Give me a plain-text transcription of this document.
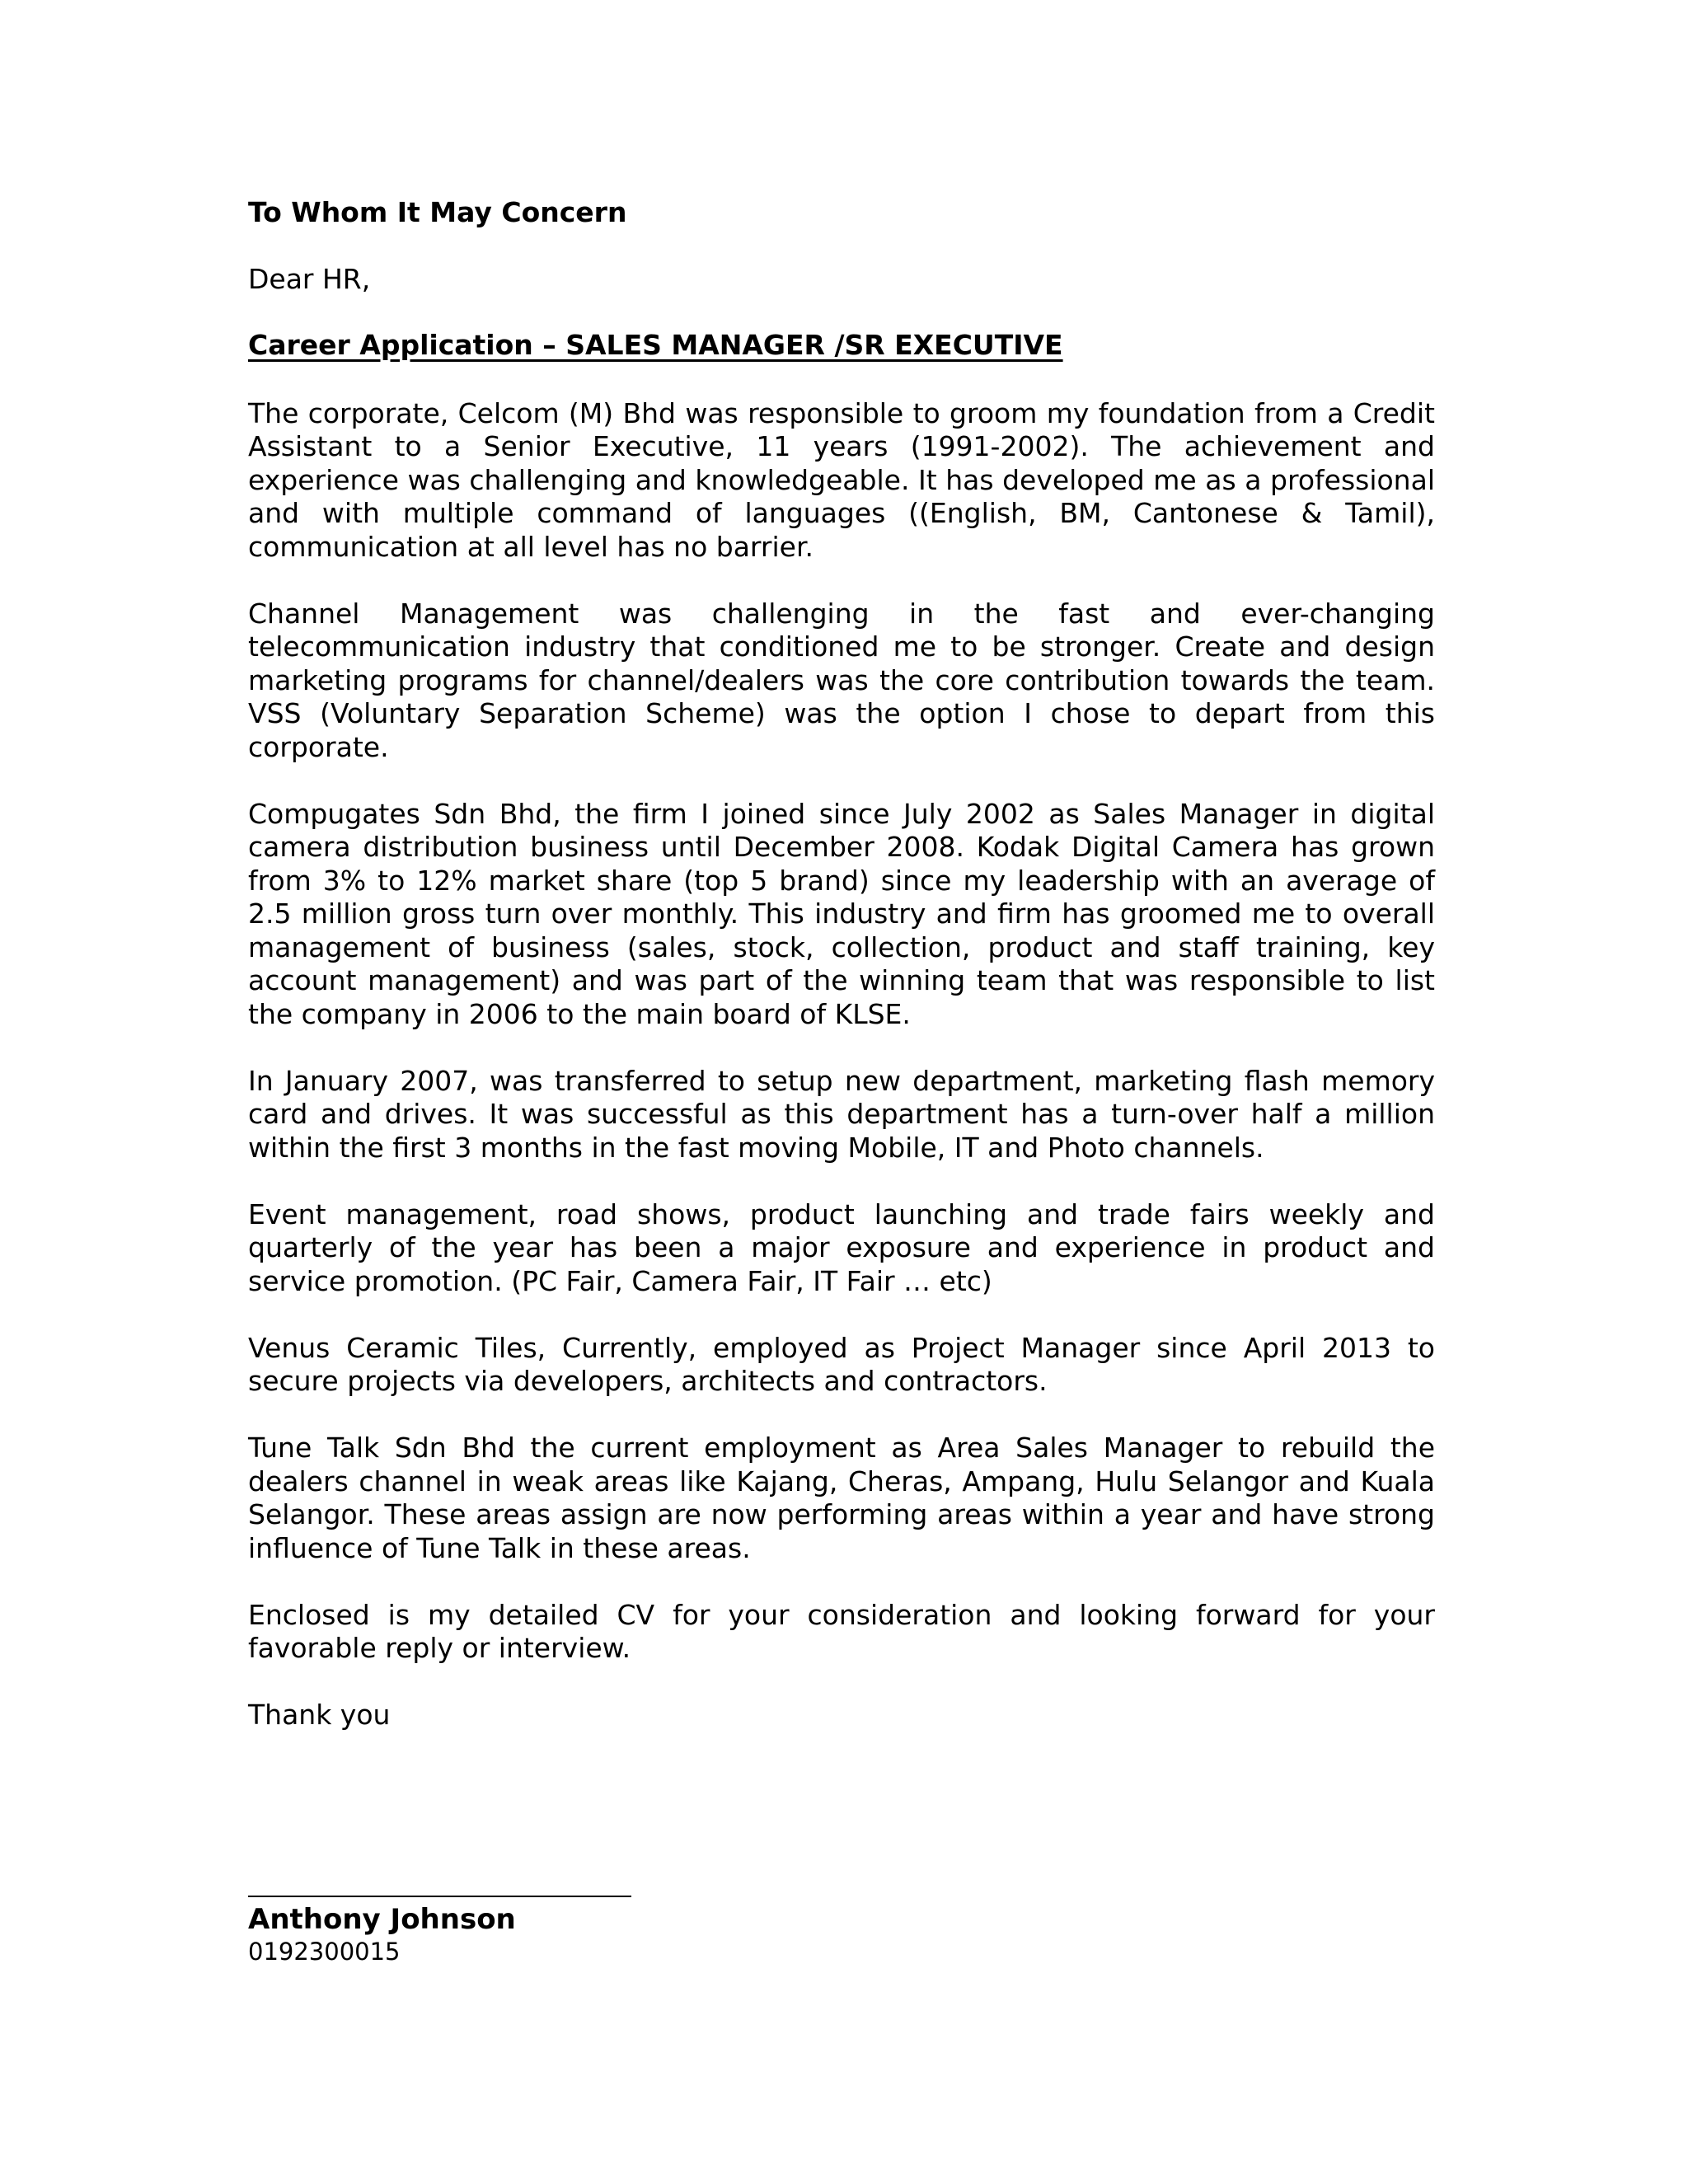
To Whom It May Concern
Dear HR,
Career Application – SALES MANAGER /SR EXECUTIVE

The corporate, Celcom (M) Bhd was responsible to groom my foundation from a Credit Assistant to a Senior Executive, 11 years (1991-2002). The achievement and experience was challenging and knowledgeable. It has developed me as a professional and with multiple command of languages ((English, BM, Cantonese & Tamil), communication at all level has no barrier.

Channel Management was challenging in the fast and ever-changing telecommunication industry that conditioned me to be stronger. Create and design marketing programs for channel/dealers was the core contribution towards the team. VSS (Voluntary Separation Scheme) was the option I chose to depart from this corporate.

Compugates Sdn Bhd, the firm I joined since July 2002 as Sales Manager in digital camera distribution business until December 2008. Kodak Digital Camera has grown from 3% to 12% market share (top 5 brand) since my leadership with an average of 2.5 million gross turn over monthly. This industry and firm has groomed me to overall management of business (sales, stock, collection, product and staff training, key account management) and was part of the winning team that was responsible to list the company in 2006 to the main board of KLSE.

In January 2007, was transferred to setup new department, marketing flash memory card and drives. It was successful as this department has a turn-over half a million within the first 3 months in the fast moving Mobile, IT and Photo channels.

Event management, road shows, product launching and trade fairs weekly and quarterly of the year has been a major exposure and experience in product and service promotion. (PC Fair, Camera Fair, IT Fair … etc)

Venus Ceramic Tiles, Currently, employed as Project Manager since April 2013 to secure projects via developers, architects and contractors.

Tune Talk Sdn Bhd the current employment as Area Sales Manager to rebuild the dealers channel in weak areas like Kajang, Cheras, Ampang, Hulu Selangor and Kuala Selangor. These areas assign are now performing areas within a year and have strong influence of Tune Talk in these areas.

Enclosed is my detailed CV for your consideration and looking forward for your favorable reply or interview.

Thank you
Anthony Johnson
0192300015
